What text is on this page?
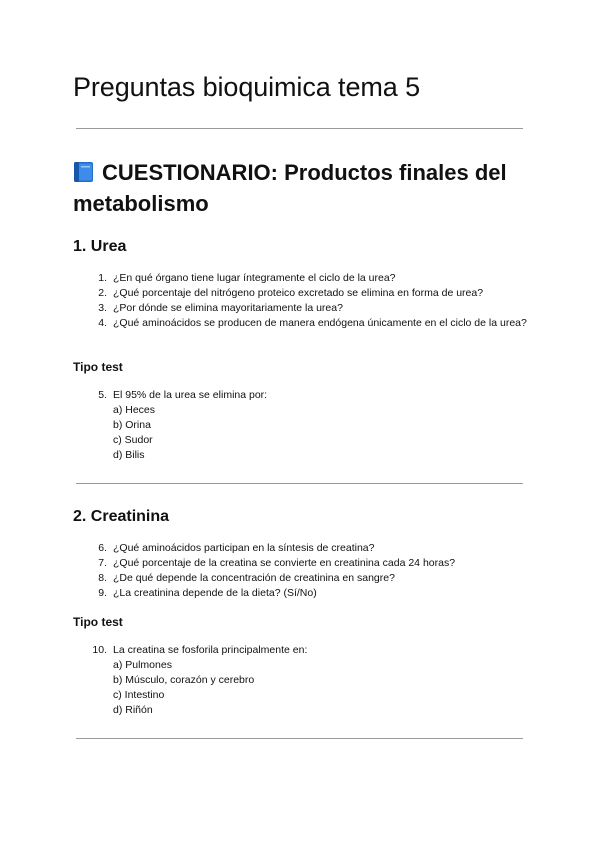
Preguntas bioquimica tema 5
CUESTIONARIO: Productos finales del metabolismo
1. Urea
1. ¿En qué órgano tiene lugar íntegramente el ciclo de la urea?
2. ¿Qué porcentaje del nitrógeno proteico excretado se elimina en forma de urea?
3. ¿Por dónde se elimina mayoritariamente la urea?
4. ¿Qué aminoácidos se producen de manera endógena únicamente en el ciclo de la urea?
Tipo test
5. El 95% de la urea se elimina por:
a) Heces
b) Orina
c) Sudor
d) Bilis
2. Creatinina
6. ¿Qué aminoácidos participan en la síntesis de creatina?
7. ¿Qué porcentaje de la creatina se convierte en creatinina cada 24 horas?
8. ¿De qué depende la concentración de creatinina en sangre?
9. ¿La creatinina depende de la dieta? (Sí/No)
Tipo test
10. La creatina se fosforila principalmente en:
a) Pulmones
b) Músculo, corazón y cerebro
c) Intestino
d) Riñón
